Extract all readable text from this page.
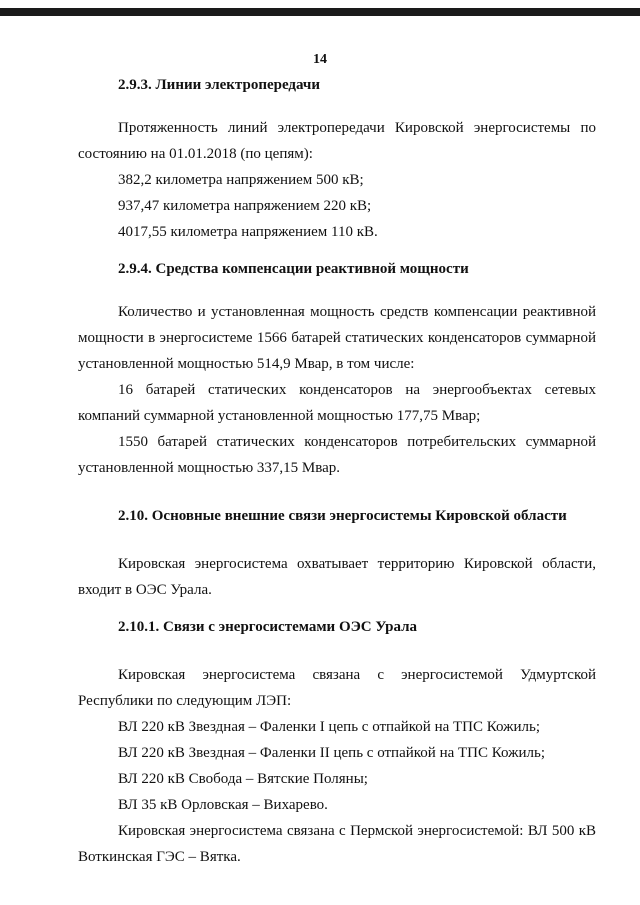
14
2.9.3. Линии электропередачи

Протяженность линий электропередачи Кировской энергосистемы по состоянию на 01.01.2018 (по цепям):

382,2 километра напряжением 500 кВ;

937,47 километра напряжением 220 кВ;

4017,55 километра напряжением 110 кВ.

2.9.4. Средства компенсации реактивной мощности

Количество и установленная мощность средств компенсации реактивной мощности в энергосистеме 1566 батарей статических конденсаторов суммарной установленной мощностью 514,9 Мвар, в том числе:

16 батарей статических конденсаторов на энергообъектах сетевых компаний суммарной установленной мощностью 177,75 Мвар;

1550 батарей статических конденсаторов потребительских суммарной установленной мощностью 337,15 Мвар.

2.10. Основные внешние связи энергосистемы Кировской области

Кировская энергосистема охватывает территорию Кировской области, входит в ОЭС Урала.

2.10.1. Связи с энергосистемами ОЭС Урала

Кировская энергосистема связана с энергосистемой Удмуртской Республики по следующим ЛЭП:

ВЛ 220 кВ Звездная – Фаленки I цепь с отпайкой на ТПС Кожиль;

ВЛ 220 кВ Звездная – Фаленки II цепь с отпайкой на ТПС Кожиль;

ВЛ 220 кВ Свобода – Вятские Поляны;

ВЛ 35 кВ Орловская – Вихарево.

Кировская энергосистема связана с Пермской энергосистемой: ВЛ 500 кВ Воткинская ГЭС – Вятка.
